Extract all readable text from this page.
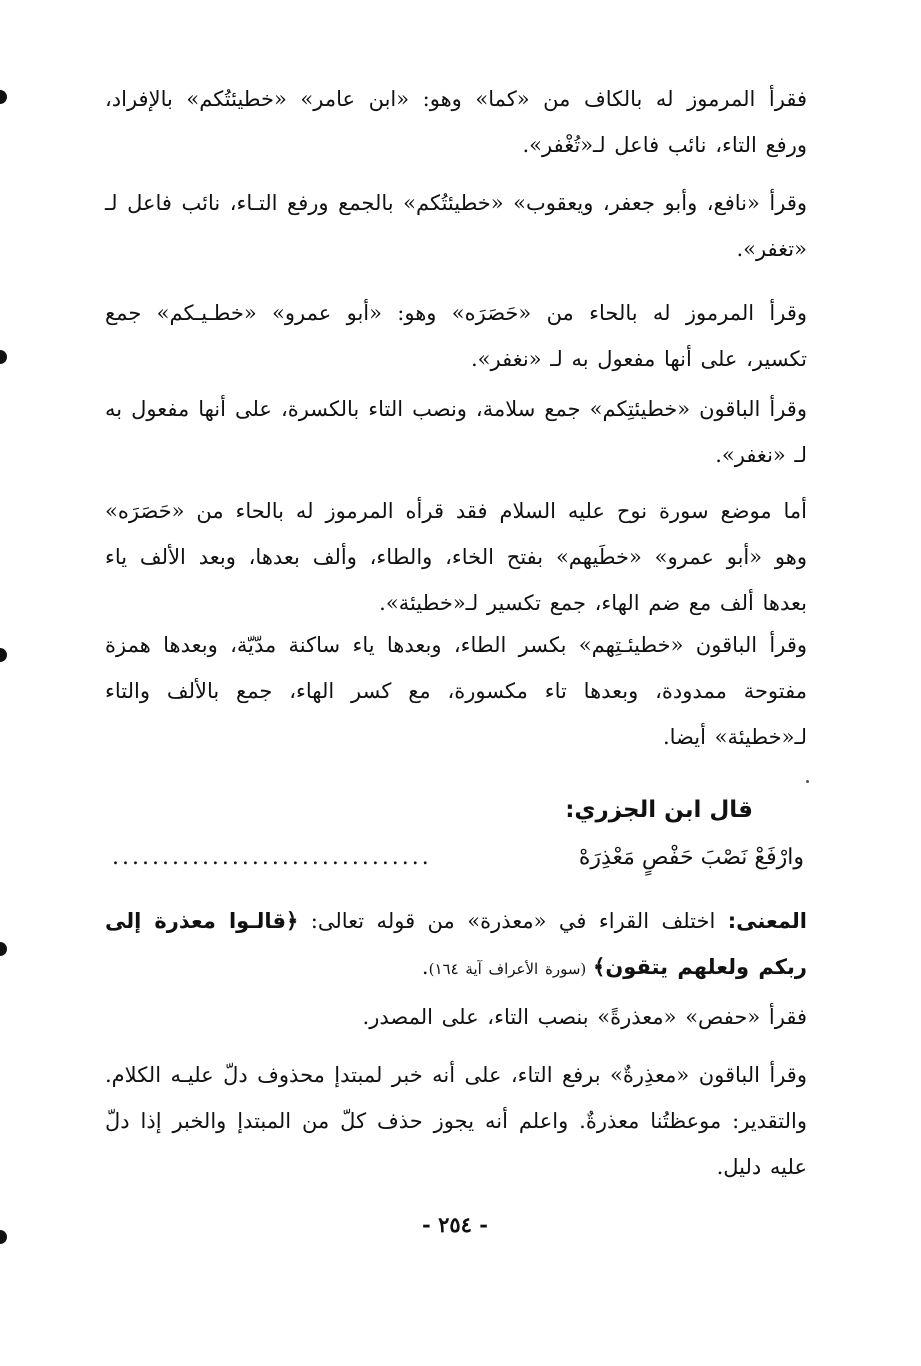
فقرأ المرموز له بالكاف من «كما» وهو: «ابن عامر» «خطيئتُكم» بالإفراد، ورفع التاء، نائب فاعل لـ«تُغْفر».

وقرأ «نافع، وأبو جعفر، ويعقوب» «خطيئتُكم» بالجمع ورفع التـاء، نائب فاعل لـ «تغفر».

وقرأ المرموز له بالحاء من «حَصَرَه» وهو: «أبو عمرو» «خطـيـكم» جمع تكسير، على أنها مفعول به لـ «نغفر».

وقرأ الباقون «خطيئتِكم» جمع سلامة، ونصب التاء بالكسرة، على أنها مفعول به لـ «نغفر».

أما موضع سورة نوح عليه السلام فقد قرأه المرموز له بالحاء من «حَصَرَه» وهو «أبو عمرو» «خطَيهم» بفتح الخاء، والطاء، وألف بعدها، وبعد الألف ياء بعدها ألف مع ضم الهاء، جمع تكسير لـ«خطيئة».

وقرأ الباقون «خطيئـتِهم» بكسر الطاء، وبعدها ياء ساكنة مدّيّة، وبعدها همزة مفتوحة ممدودة، وبعدها تاء مكسورة، مع كسر الهاء، جمع بالألف والتاء لـ«خطيئة» أيضا.

قال ابن الجزري:
وارْفَعْ نَصْبَ حَفْصٍ مَعْذِرَهْ
................................

المعنى: اختلف القراء في «معذرة» من قوله تعالى: ﴿قالـوا معذرة إلى ربكم ولعلهم يتقون﴾ (سورة الأعراف آية ١٦٤).

فقرأ «حفص» «معذرةً» بنصب التاء، على المصدر.

وقرأ الباقون «معذِرةٌ» برفع التاء، على أنه خبر لمبتدإ محذوف دلّ عليـه الكلام. والتقدير: موعظتُنا معذرةٌ. واعلم أنه يجوز حذف كلّ من المبتدإ والخبر إذا دلّ عليه دليل.

- ٢٥٤ -
